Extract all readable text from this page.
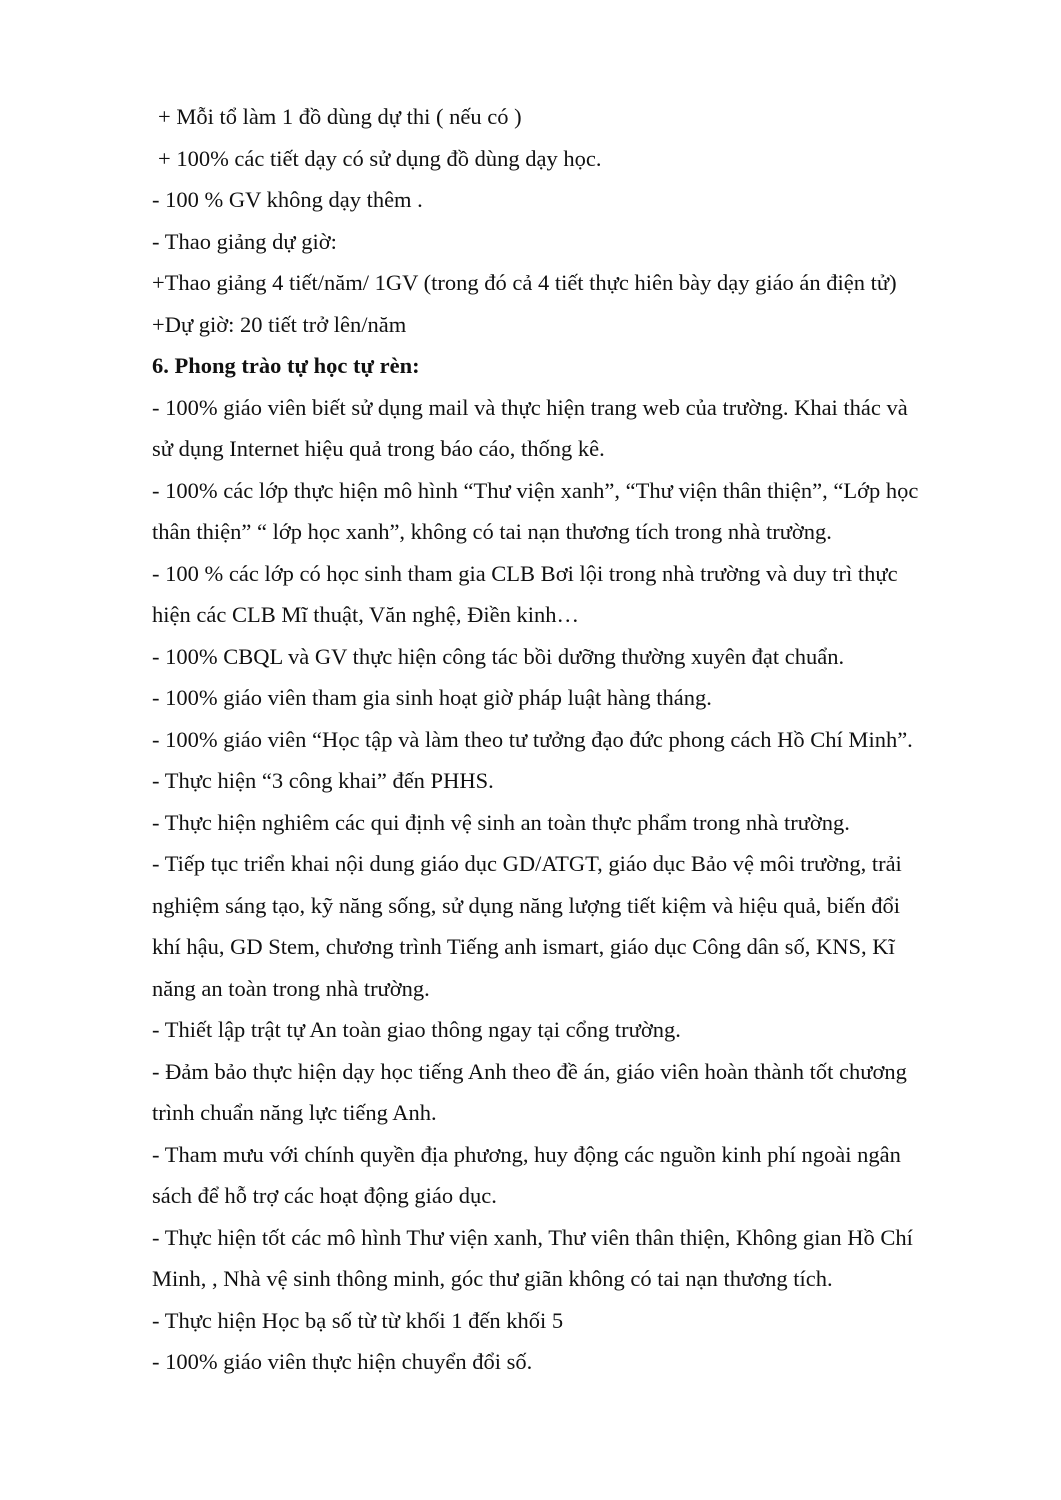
+ Mỗi tổ làm 1 đồ dùng dự thi ( nếu có )
+ 100% các tiết dạy có sử dụng đồ dùng dạy học.
- 100 % GV không dạy thêm .
- Thao giảng dự giờ:
+Thao giảng 4 tiết/năm/ 1GV (trong đó cả 4 tiết thực hiên bày dạy giáo án điện tử)
+Dự giờ: 20 tiết trở lên/năm
6. Phong trào tự học tự rèn:
- 100% giáo viên biết sử dụng mail và thực hiện trang web của trường. Khai thác và
sử dụng Internet hiệu quả trong báo cáo, thống kê.
- 100% các lớp thực hiện mô hình “Thư viện xanh”, “Thư viện thân thiện”, “Lớp học
thân thiện” “ lớp học xanh”, không có tai nạn thương tích trong nhà trường.
- 100 % các lớp có học sinh tham gia CLB Bơi lội trong nhà trường và duy trì thực
hiện các CLB Mĩ thuật, Văn nghệ, Điền kinh…
- 100% CBQL và GV thực hiện công tác bồi dưỡng thường xuyên đạt chuẩn.
- 100% giáo viên tham gia sinh hoạt giờ pháp luật hàng tháng.
- 100% giáo viên “Học tập và làm theo tư tưởng đạo đức phong cách Hồ Chí Minh”.
- Thực hiện “3 công khai” đến PHHS.
- Thực hiện nghiêm các qui định vệ sinh an toàn thực phẩm trong nhà trường.
- Tiếp tục triển khai nội dung giáo dục GD/ATGT, giáo dục Bảo vệ môi trường, trải
nghiệm sáng tạo, kỹ năng sống, sử dụng năng lượng tiết kiệm và hiệu quả, biến đổi
khí hậu, GD Stem, chương trình Tiếng anh ismart, giáo dục Công dân số, KNS, Kĩ
năng an toàn trong nhà trường.
- Thiết lập trật tự An toàn giao thông ngay tại cổng trường.
- Đảm bảo thực hiện dạy học tiếng Anh theo đề án, giáo viên hoàn thành tốt chương
trình chuẩn năng lực tiếng Anh.
- Tham mưu với chính quyền địa phương, huy động các nguồn kinh phí ngoài ngân
sách để hỗ trợ các hoạt động giáo dục.
- Thực hiện tốt các mô hình Thư viện xanh, Thư viên thân thiện, Không gian Hồ Chí
Minh, , Nhà vệ sinh thông minh, góc thư giãn không có tai nạn thương tích.
- Thực hiện Học bạ số từ từ khối 1 đến khối 5
- 100% giáo viên thực hiện chuyển đổi số.
